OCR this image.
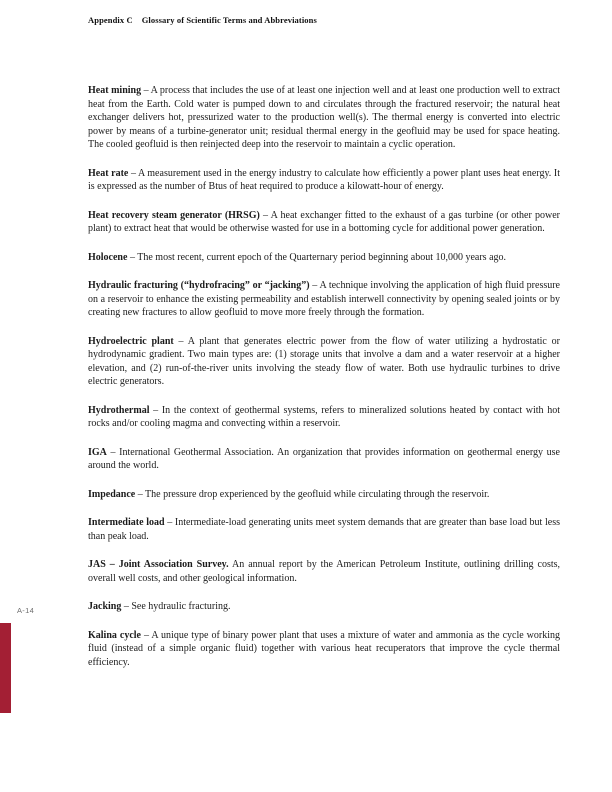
Appendix C Glossary of Scientific Terms and Abbreviations

Heat mining – A process that includes the use of at least one injection well and at least one production well to extract heat from the Earth. Cold water is pumped down to and circulates through the fractured reservoir; the natural heat exchanger delivers hot, pressurized water to the production well(s). The thermal energy is converted into electric power by means of a turbine-generator unit; residual thermal energy in the geofluid may be used for space heating. The cooled geofluid is then reinjected deep into the reservoir to maintain a cyclic operation.

Heat rate – A measurement used in the energy industry to calculate how efficiently a power plant uses heat energy. It is expressed as the number of Btus of heat required to produce a kilowatt-hour of energy.

Heat recovery steam generator (HRSG) – A heat exchanger fitted to the exhaust of a gas turbine (or other power plant) to extract heat that would be otherwise wasted for use in a bottoming cycle for additional power generation.

Holocene – The most recent, current epoch of the Quarternary period beginning about 10,000 years ago.

Hydraulic fracturing (“hydrofracing” or “jacking”) – A technique involving the application of high fluid pressure on a reservoir to enhance the existing permeability and establish interwell connectivity by opening sealed joints or by creating new fractures to allow geofluid to move more freely through the formation.

Hydroelectric plant – A plant that generates electric power from the flow of water utilizing a hydrostatic or hydrodynamic gradient. Two main types are: (1) storage units that involve a dam and a water reservoir at a higher elevation, and (2) run-of-the-river units involving the steady flow of water. Both use hydraulic turbines to drive electric generators.

Hydrothermal – In the context of geothermal systems, refers to mineralized solutions heated by contact with hot rocks and/or cooling magma and convecting within a reservoir.

IGA – International Geothermal Association. An organization that provides information on geothermal energy use around the world.

Impedance – The pressure drop experienced by the geofluid while circulating through the reservoir.

Intermediate load – Intermediate-load generating units meet system demands that are greater than base load but less than peak load.

JAS – Joint Association Survey. An annual report by the American Petroleum Institute, outlining drilling costs, overall well costs, and other geological information.

Jacking – See hydraulic fracturing.

Kalina cycle – A unique type of binary power plant that uses a mixture of water and ammonia as the cycle working fluid (instead of a simple organic fluid) together with various heat recuperators that improve the cycle thermal efficiency.

A-14
